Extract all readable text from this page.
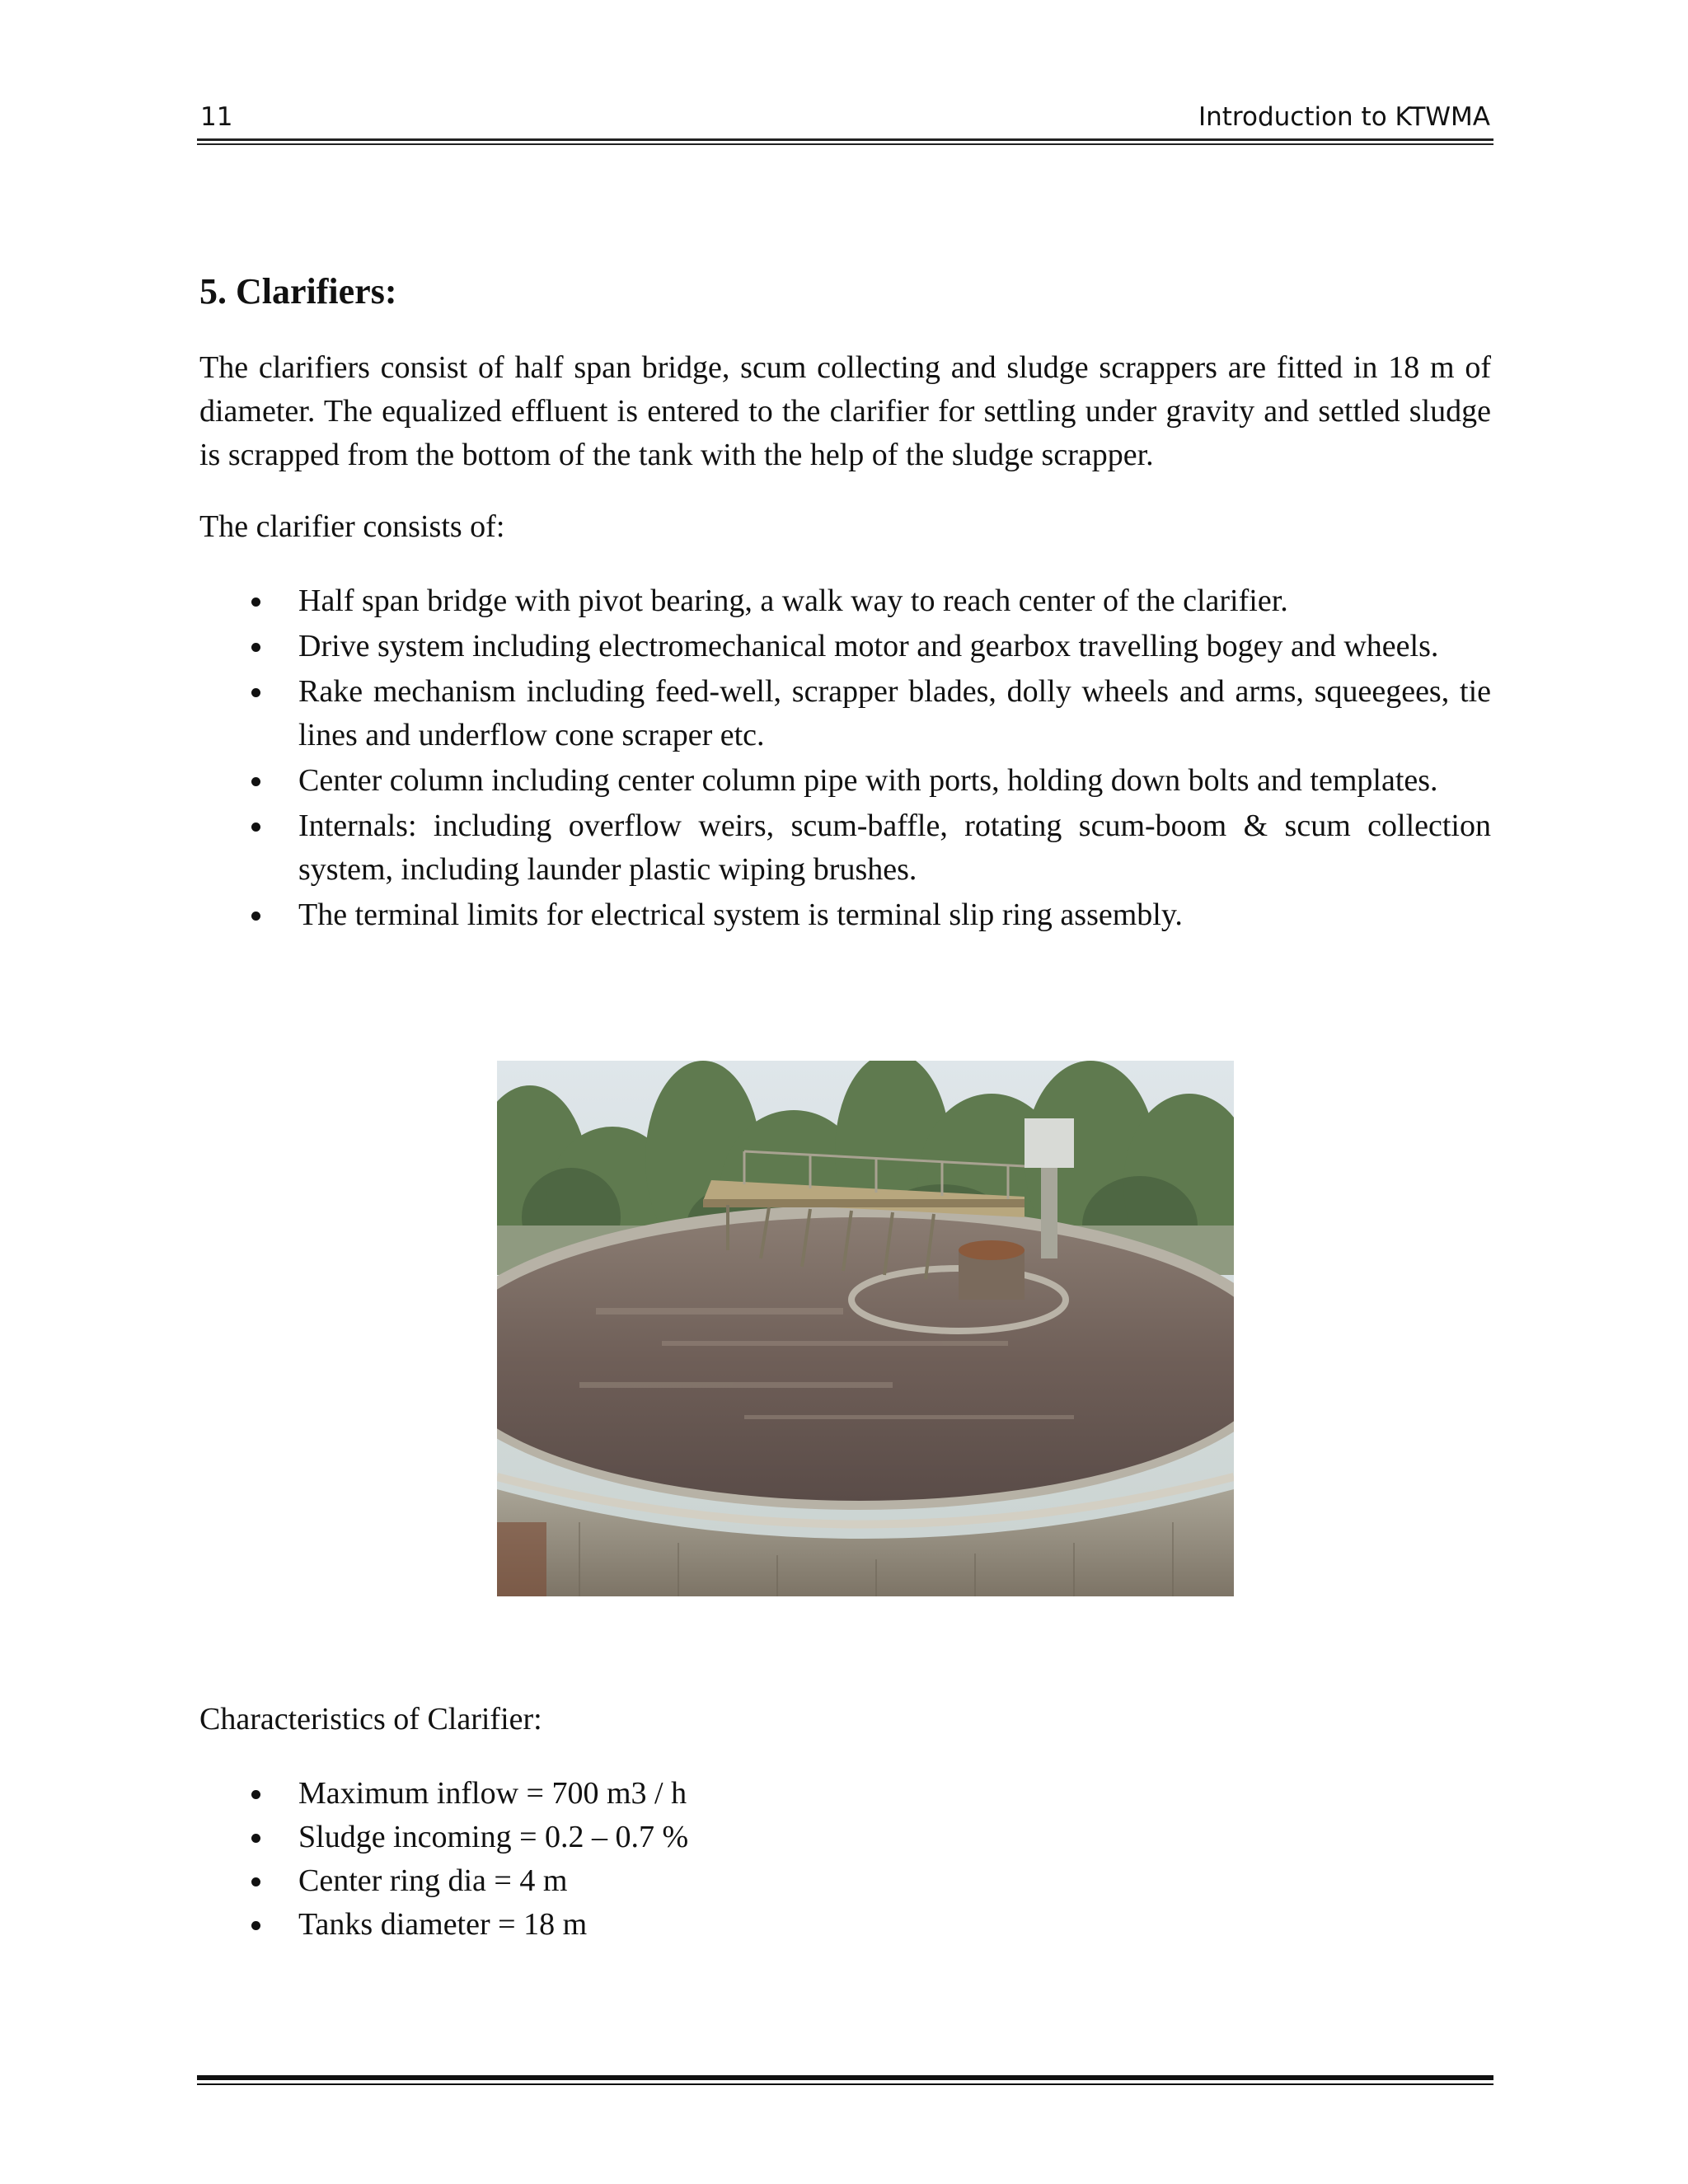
11	Introduction to KTWMA
5. Clarifiers:
The clarifiers consist of half span bridge, scum collecting and sludge scrappers are fitted in 18 m of diameter. The equalized effluent is entered to the clarifier for settling under gravity and settled sludge is scrapped from the bottom of the tank with the help of the sludge scrapper.
The clarifier consists of:
Half span bridge with pivot bearing, a walk way to reach center of the clarifier.
Drive system including electromechanical motor and gearbox travelling bogey and wheels.
Rake mechanism including feed-well, scrapper blades, dolly wheels and arms, squeegees, tie lines and underflow cone scraper etc.
Center column including center column pipe with ports, holding down bolts and templates.
Internals: including overflow weirs, scum-baffle, rotating scum-boom & scum collection system, including launder plastic wiping brushes.
The terminal limits for electrical system is terminal slip ring assembly.
Characteristics of Clarifier:
Maximum inflow = 700 m3 / h
Sludge incoming = 0.2 – 0.7 %
Center ring dia = 4 m
Tanks diameter = 18 m
